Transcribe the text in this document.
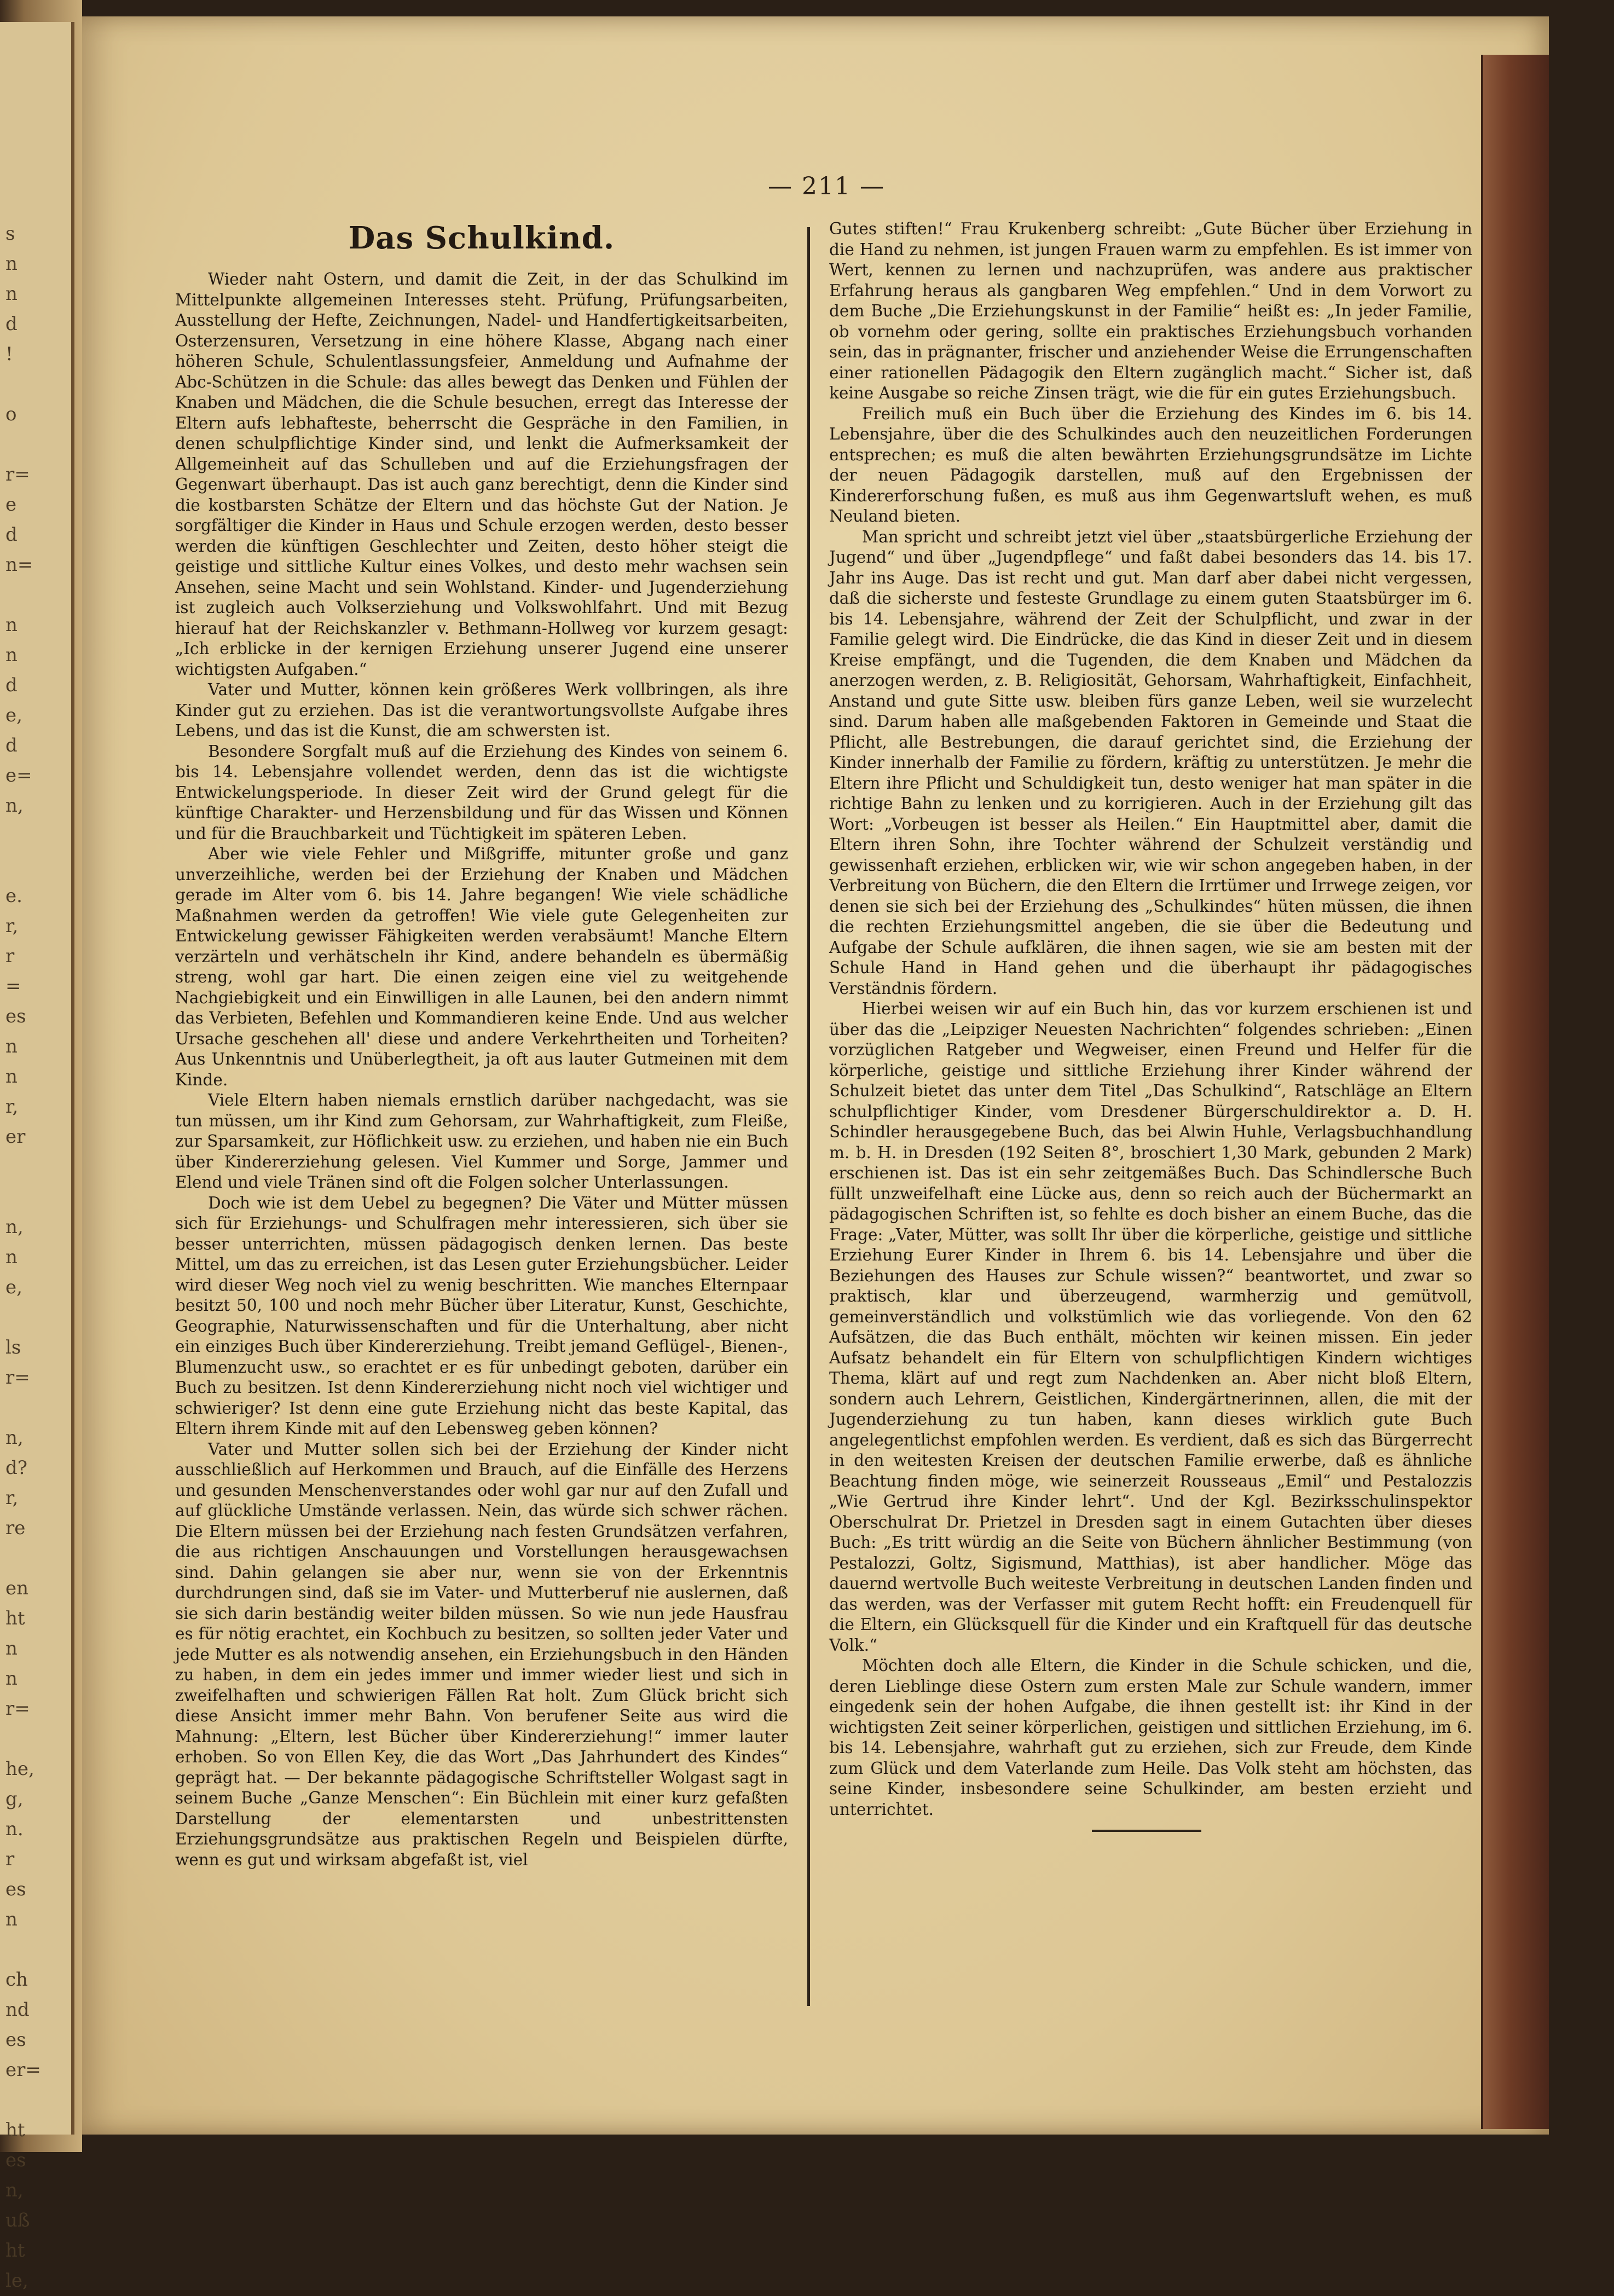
s
n
n
d
!

o

r=
e
d
n=

n
n
d
e,
d
e=
n,

e.
r,
r
=
es
n
n
r,
er

n,
n
e,

ls
r=

n,
d?
r,
re

en
ht
n
n
r=

he,
g,
n.
r
es
n

ch
nd
es
er=

ht
es
n,
uß
ht
le,
— 211 —
Das Schulkind.

Wieder naht Ostern, und damit die Zeit, in der das Schulkind im Mittelpunkte allgemeinen Interesses steht. Prüfung, Prüfungsarbeiten, Ausstellung der Hefte, Zeichnungen, Nadel- und Handfertigkeitsarbeiten, Osterzensuren, Versetzung in eine höhere Klasse, Abgang nach einer höheren Schule, Schulentlassungsfeier, Anmeldung und Aufnahme der Abc-Schützen in die Schule: das alles bewegt das Denken und Fühlen der Knaben und Mädchen, die die Schule besuchen, erregt das Interesse der Eltern aufs lebhafteste, beherrscht die Gespräche in den Familien, in denen schulpflichtige Kinder sind, und lenkt die Aufmerksamkeit der Allgemeinheit auf das Schulleben und auf die Erziehungsfragen der Gegenwart überhaupt. Das ist auch ganz berechtigt, denn die Kinder sind die kostbarsten Schätze der Eltern und das höchste Gut der Nation. Je sorgfältiger die Kinder in Haus und Schule erzogen werden, desto besser werden die künftigen Geschlechter und Zeiten, desto höher steigt die geistige und sittliche Kultur eines Volkes, und desto mehr wachsen sein Ansehen, seine Macht und sein Wohlstand. Kinder- und Jugenderziehung ist zugleich auch Volkserziehung und Volkswohlfahrt. Und mit Bezug hierauf hat der Reichskanzler v. Bethmann-Hollweg vor kurzem gesagt: „Ich erblicke in der kernigen Erziehung unserer Jugend eine unserer wichtigsten Aufgaben.“

Vater und Mutter, können kein größeres Werk vollbringen, als ihre Kinder gut zu erziehen. Das ist die verantwortungsvollste Aufgabe ihres Lebens, und das ist die Kunst, die am schwersten ist.

Besondere Sorgfalt muß auf die Erziehung des Kindes von seinem 6. bis 14. Lebensjahre vollendet werden, denn das ist die wichtigste Entwickelungsperiode. In dieser Zeit wird der Grund gelegt für die künftige Charakter- und Herzensbildung und für das Wissen und Können und für die Brauchbarkeit und Tüchtigkeit im späteren Leben.

Aber wie viele Fehler und Mißgriffe, mitunter große und ganz unverzeihliche, werden bei der Erziehung der Knaben und Mädchen gerade im Alter vom 6. bis 14. Jahre begangen! Wie viele schädliche Maßnahmen werden da getroffen! Wie viele gute Gelegenheiten zur Entwickelung gewisser Fähigkeiten werden verabsäumt! Manche Eltern verzärteln und verhätscheln ihr Kind, andere behandeln es übermäßig streng, wohl gar hart. Die einen zeigen eine viel zu weitgehende Nachgiebigkeit und ein Einwilligen in alle Launen, bei den andern nimmt das Verbieten, Befehlen und Kommandieren keine Ende. Und aus welcher Ursache geschehen all' diese und andere Verkehrtheiten und Torheiten? Aus Unkenntnis und Unüberlegtheit, ja oft aus lauter Gutmeinen mit dem Kinde.

Viele Eltern haben niemals ernstlich darüber nachgedacht, was sie tun müssen, um ihr Kind zum Gehorsam, zur Wahrhaftigkeit, zum Fleiße, zur Sparsamkeit, zur Höflichkeit usw. zu erziehen, und haben nie ein Buch über Kindererziehung gelesen. Viel Kummer und Sorge, Jammer und Elend und viele Tränen sind oft die Folgen solcher Unterlassungen.

Doch wie ist dem Uebel zu begegnen? Die Väter und Mütter müssen sich für Erziehungs- und Schulfragen mehr interessieren, sich über sie besser unterrichten, müssen pädagogisch denken lernen. Das beste Mittel, um das zu erreichen, ist das Lesen guter Erziehungsbücher. Leider wird dieser Weg noch viel zu wenig beschritten. Wie manches Elternpaar besitzt 50, 100 und noch mehr Bücher über Literatur, Kunst, Geschichte, Geographie, Naturwissenschaften und für die Unterhaltung, aber nicht ein einziges Buch über Kindererziehung. Treibt jemand Geflügel-, Bienen-, Blumenzucht usw., so erachtet er es für unbedingt geboten, darüber ein Buch zu besitzen. Ist denn Kindererziehung nicht noch viel wichtiger und schwieriger? Ist denn eine gute Erziehung nicht das beste Kapital, das Eltern ihrem Kinde mit auf den Lebensweg geben können?

Vater und Mutter sollen sich bei der Erziehung der Kinder nicht ausschließlich auf Herkommen und Brauch, auf die Einfälle des Herzens und gesunden Menschenverstandes oder wohl gar nur auf den Zufall und auf glückliche Umstände verlassen. Nein, das würde sich schwer rächen. Die Eltern müssen bei der Erziehung nach festen Grundsätzen verfahren, die aus richtigen Anschauungen und Vorstellungen herausgewachsen sind. Dahin gelangen sie aber nur, wenn sie von der Erkenntnis durchdrungen sind, daß sie im Vater- und Mutterberuf nie auslernen, daß sie sich darin beständig weiter bilden müssen. So wie nun jede Hausfrau es für nötig erachtet, ein Kochbuch zu besitzen, so sollten jeder Vater und jede Mutter es als notwendig ansehen, ein Erziehungsbuch in den Händen zu haben, in dem ein jedes immer und immer wieder liest und sich in zweifelhaften und schwierigen Fällen Rat holt. Zum Glück bricht sich diese Ansicht immer mehr Bahn. Von berufener Seite aus wird die Mahnung: „Eltern, lest Bücher über Kindererziehung!“ immer lauter erhoben. So von Ellen Key, die das Wort „Das Jahrhundert des Kindes“ geprägt hat. — Der bekannte pädagogische Schriftsteller Wolgast sagt in seinem Buche „Ganze Menschen“: Ein Büchlein mit einer kurz gefaßten Darstellung der elementarsten und unbestrittensten Erziehungsgrundsätze aus praktischen Regeln und Beispielen dürfte, wenn es gut und wirksam abgefaßt ist, viel

Gutes stiften!“ Frau Krukenberg schreibt: „Gute Bücher über Erziehung in die Hand zu nehmen, ist jungen Frauen warm zu empfehlen. Es ist immer von Wert, kennen zu lernen und nachzuprüfen, was andere aus praktischer Erfahrung heraus als gangbaren Weg empfehlen.“ Und in dem Vorwort zu dem Buche „Die Erziehungskunst in der Familie“ heißt es: „In jeder Familie, ob vornehm oder gering, sollte ein praktisches Erziehungsbuch vorhanden sein, das in prägnanter, frischer und anziehender Weise die Errungenschaften einer rationellen Pädagogik den Eltern zugänglich macht.“ Sicher ist, daß keine Ausgabe so reiche Zinsen trägt, wie die für ein gutes Erziehungsbuch.

Freilich muß ein Buch über die Erziehung des Kindes im 6. bis 14. Lebensjahre, über die des Schulkindes auch den neuzeitlichen Forderungen entsprechen; es muß die alten bewährten Erziehungsgrundsätze im Lichte der neuen Pädagogik darstellen, muß auf den Ergebnissen der Kindererforschung fußen, es muß aus ihm Gegenwartsluft wehen, es muß Neuland bieten.

Man spricht und schreibt jetzt viel über „staatsbürgerliche Erziehung der Jugend“ und über „Jugendpflege“ und faßt dabei besonders das 14. bis 17. Jahr ins Auge. Das ist recht und gut. Man darf aber dabei nicht vergessen, daß die sicherste und festeste Grundlage zu einem guten Staatsbürger im 6. bis 14. Lebensjahre, während der Zeit der Schulpflicht, und zwar in der Familie gelegt wird. Die Eindrücke, die das Kind in dieser Zeit und in diesem Kreise empfängt, und die Tugenden, die dem Knaben und Mädchen da anerzogen werden, z. B. Religiosität, Gehorsam, Wahrhaftigkeit, Einfachheit, Anstand und gute Sitte usw. bleiben fürs ganze Leben, weil sie wurzelecht sind. Darum haben alle maßgebenden Faktoren in Gemeinde und Staat die Pflicht, alle Bestrebungen, die darauf gerichtet sind, die Erziehung der Kinder innerhalb der Familie zu fördern, kräftig zu unterstützen. Je mehr die Eltern ihre Pflicht und Schuldigkeit tun, desto weniger hat man später in die richtige Bahn zu lenken und zu korrigieren. Auch in der Erziehung gilt das Wort: „Vorbeugen ist besser als Heilen.“ Ein Hauptmittel aber, damit die Eltern ihren Sohn, ihre Tochter während der Schulzeit verständig und gewissenhaft erziehen, erblicken wir, wie wir schon angegeben haben, in der Verbreitung von Büchern, die den Eltern die Irrtümer und Irrwege zeigen, vor denen sie sich bei der Erziehung des „Schulkindes“ hüten müssen, die ihnen die rechten Erziehungsmittel angeben, die sie über die Bedeutung und Aufgabe der Schule aufklären, die ihnen sagen, wie sie am besten mit der Schule Hand in Hand gehen und die überhaupt ihr pädagogisches Verständnis fördern.

Hierbei weisen wir auf ein Buch hin, das vor kurzem erschienen ist und über das die „Leipziger Neuesten Nachrichten“ folgendes schrieben: „Einen vorzüglichen Ratgeber und Wegweiser, einen Freund und Helfer für die körperliche, geistige und sittliche Erziehung ihrer Kinder während der Schulzeit bietet das unter dem Titel „Das Schulkind“, Ratschläge an Eltern schulpflichtiger Kinder, vom Dresdener Bürgerschuldirektor a. D. H. Schindler herausgegebene Buch, das bei Alwin Huhle, Verlagsbuchhandlung m. b. H. in Dresden (192 Seiten 8°, broschiert 1,30 Mark, gebunden 2 Mark) erschienen ist. Das ist ein sehr zeitgemäßes Buch. Das Schindlersche Buch füllt unzweifelhaft eine Lücke aus, denn so reich auch der Büchermarkt an pädagogischen Schriften ist, so fehlte es doch bisher an einem Buche, das die Frage: „Vater, Mütter, was sollt Ihr über die körperliche, geistige und sittliche Erziehung Eurer Kinder in Ihrem 6. bis 14. Lebensjahre und über die Beziehungen des Hauses zur Schule wissen?“ beantwortet, und zwar so praktisch, klar und überzeugend, warmherzig und gemütvoll, gemeinverständlich und volkstümlich wie das vorliegende. Von den 62 Aufsätzen, die das Buch enthält, möchten wir keinen missen. Ein jeder Aufsatz behandelt ein für Eltern von schulpflichtigen Kindern wichtiges Thema, klärt auf und regt zum Nachdenken an. Aber nicht bloß Eltern, sondern auch Lehrern, Geistlichen, Kindergärtnerinnen, allen, die mit der Jugenderziehung zu tun haben, kann dieses wirklich gute Buch angelegentlichst empfohlen werden. Es verdient, daß es sich das Bürgerrecht in den weitesten Kreisen der deutschen Familie erwerbe, daß es ähnliche Beachtung finden möge, wie seinerzeit Rousseaus „Emil“ und Pestalozzis „Wie Gertrud ihre Kinder lehrt“. Und der Kgl. Bezirksschulinspektor Oberschulrat Dr. Prietzel in Dresden sagt in einem Gutachten über dieses Buch: „Es tritt würdig an die Seite von Büchern ähnlicher Bestimmung (von Pestalozzi, Goltz, Sigismund, Matthias), ist aber handlicher. Möge das dauernd wertvolle Buch weiteste Verbreitung in deutschen Landen finden und das werden, was der Verfasser mit gutem Recht hofft: ein Freudenquell für die Eltern, ein Glücksquell für die Kinder und ein Kraftquell für das deutsche Volk.“

Möchten doch alle Eltern, die Kinder in die Schule schicken, und die, deren Lieblinge diese Ostern zum ersten Male zur Schule wandern, immer eingedenk sein der hohen Aufgabe, die ihnen gestellt ist: ihr Kind in der wichtigsten Zeit seiner körperlichen, geistigen und sittlichen Erziehung, im 6. bis 14. Lebensjahre, wahrhaft gut zu erziehen, sich zur Freude, dem Kinde zum Glück und dem Vaterlande zum Heile. Das Volk steht am höchsten, das seine Kinder, insbesondere seine Schulkinder, am besten erzieht und unterrichtet.
